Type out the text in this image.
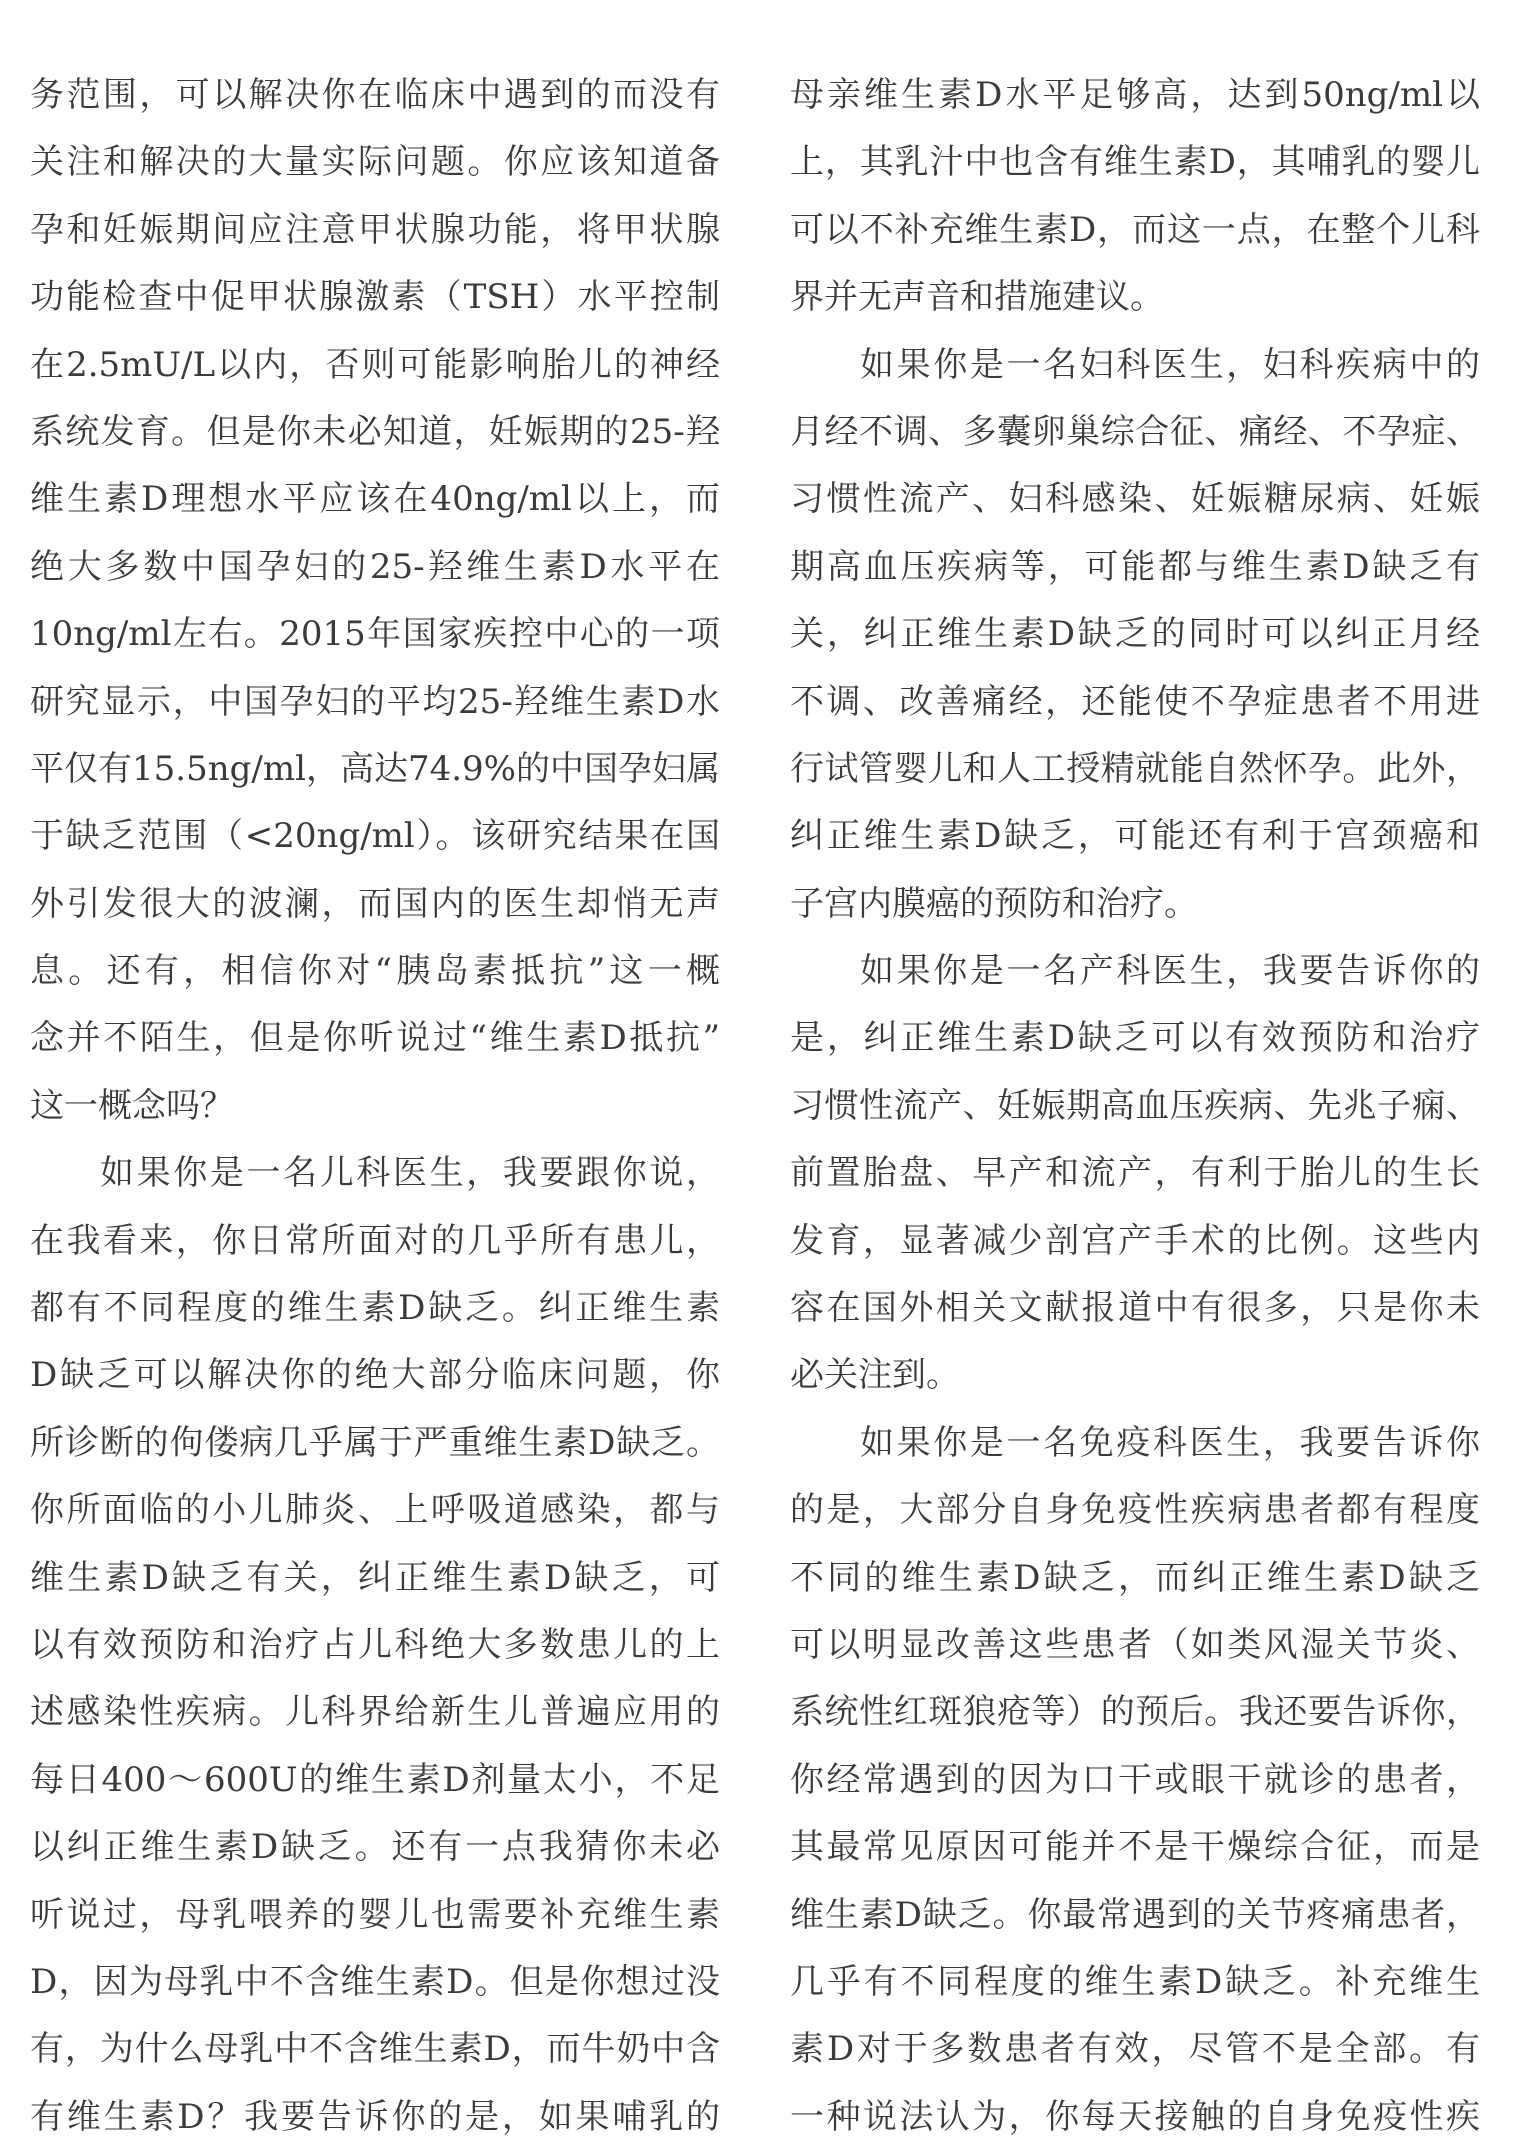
务范围，可以解决你在临床中遇到的而没有
关注和解决的大量实际问题。你应该知道备
孕和妊娠期间应注意甲状腺功能，将甲状腺
功能检查中促甲状腺激素（TSH）水平控制
在2.5mU/L以内，否则可能影响胎儿的神经
系统发育。但是你未必知道，妊娠期的25-羟
维生素D理想水平应该在40ng/ml以上，而
绝大多数中国孕妇的25-羟维生素D水平在
10ng/ml左右。2015年国家疾控中心的一项
研究显示，中国孕妇的平均25-羟维生素D水
平仅有15.5ng/ml，高达74.9%的中国孕妇属
于缺乏范围（<20ng/ml）。该研究结果在国
外引发很大的波澜，而国内的医生却悄无声
息。还有，相信你对“胰岛素抵抗”这一概
念并不陌生，但是你听说过“维生素D抵抗”
这一概念吗？
如果你是一名儿科医生，我要跟你说，
在我看来，你日常所面对的几乎所有患儿，
都有不同程度的维生素D缺乏。纠正维生素
D缺乏可以解决你的绝大部分临床问题，你
所诊断的佝偻病几乎属于严重维生素D缺乏。
你所面临的小儿肺炎、上呼吸道感染，都与
维生素D缺乏有关，纠正维生素D缺乏，可
以有效预防和治疗占儿科绝大多数患儿的上
述感染性疾病。儿科界给新生儿普遍应用的
每日400～600U的维生素D剂量太小，不足
以纠正维生素D缺乏。还有一点我猜你未必
听说过，母乳喂养的婴儿也需要补充维生素
D，因为母乳中不含维生素D。但是你想过没
有，为什么母乳中不含维生素D，而牛奶中含
有维生素D？我要告诉你的是，如果哺乳的
母亲维生素D水平足够高，达到50ng/ml以
上，其乳汁中也含有维生素D，其哺乳的婴儿
可以不补充维生素D，而这一点，在整个儿科
界并无声音和措施建议。
如果你是一名妇科医生，妇科疾病中的
月经不调、多囊卵巢综合征、痛经、不孕症、
习惯性流产、妇科感染、妊娠糖尿病、妊娠
期高血压疾病等，可能都与维生素D缺乏有
关，纠正维生素D缺乏的同时可以纠正月经
不调、改善痛经，还能使不孕症患者不用进
行试管婴儿和人工授精就能自然怀孕。此外，
纠正维生素D缺乏，可能还有利于宫颈癌和
子宫内膜癌的预防和治疗。
如果你是一名产科医生，我要告诉你的
是，纠正维生素D缺乏可以有效预防和治疗
习惯性流产、妊娠期高血压疾病、先兆子痫、
前置胎盘、早产和流产，有利于胎儿的生长
发育，显著减少剖宫产手术的比例。这些内
容在国外相关文献报道中有很多，只是你未
必关注到。
如果你是一名免疫科医生，我要告诉你
的是，大部分自身免疫性疾病患者都有程度
不同的维生素D缺乏，而纠正维生素D缺乏
可以明显改善这些患者（如类风湿关节炎、
系统性红斑狼疮等）的预后。我还要告诉你，
你经常遇到的因为口干或眼干就诊的患者，
其最常见原因可能并不是干燥综合征，而是
维生素D缺乏。你最常遇到的关节疼痛患者，
几乎有不同程度的维生素D缺乏。补充维生
素D对于多数患者有效，尽管不是全部。有
一种说法认为，你每天接触的自身免疫性疾
